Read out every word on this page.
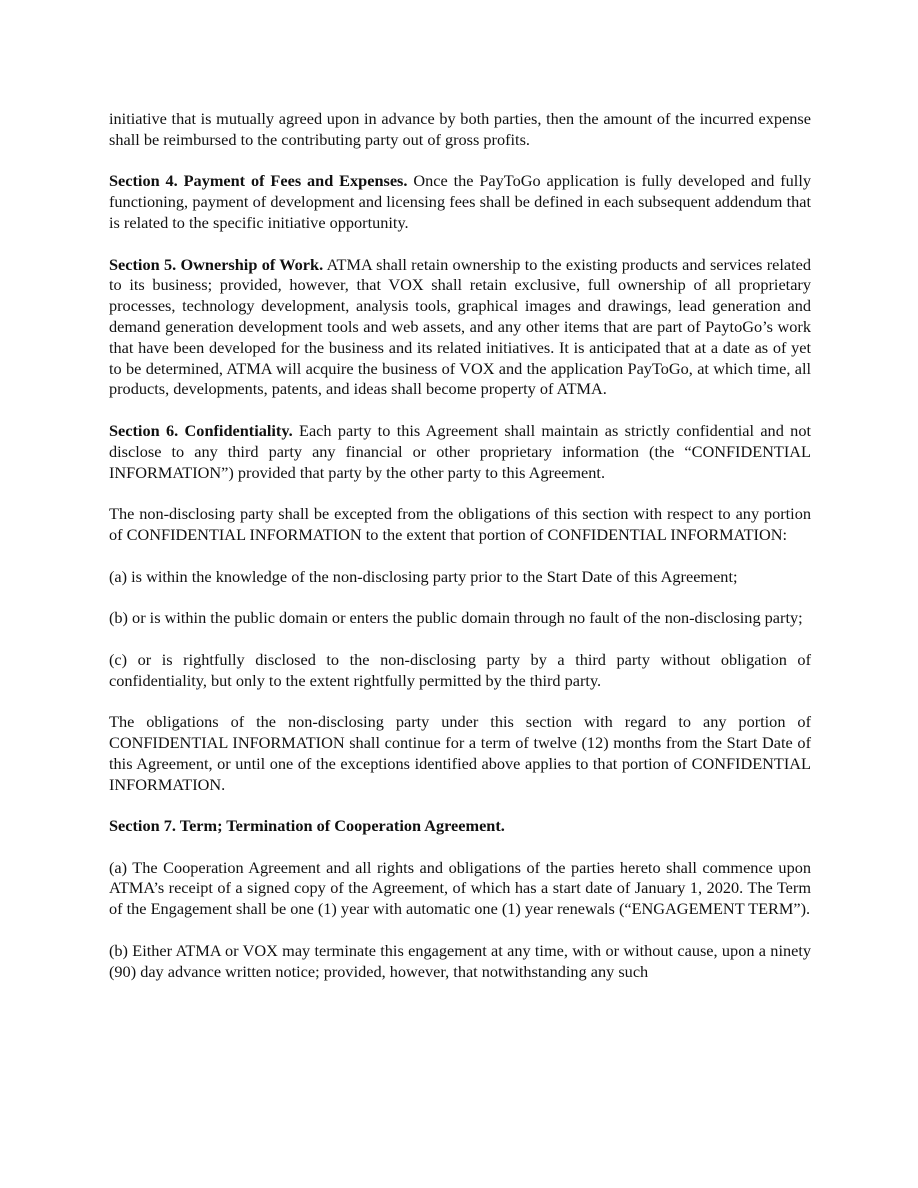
initiative that is mutually agreed upon in advance by both parties, then the amount of the incurred expense shall be reimbursed to the contributing party out of gross profits.

Section 4. Payment of Fees and Expenses. Once the PayToGo application is fully developed and fully functioning, payment of development and licensing fees shall be defined in each subsequent addendum that is related to the specific initiative opportunity.

Section 5. Ownership of Work. ATMA shall retain ownership to the existing products and services related to its business; provided, however, that VOX shall retain exclusive, full ownership of all proprietary processes, technology development, analysis tools, graphical images and drawings, lead generation and demand generation development tools and web assets, and any other items that are part of PaytoGo’s work that have been developed for the business and its related initiatives. It is anticipated that at a date as of yet to be determined, ATMA will acquire the business of VOX and the application PayToGo, at which time, all products, developments, patents, and ideas shall become property of ATMA.

Section 6. Confidentiality. Each party to this Agreement shall maintain as strictly confidential and not disclose to any third party any financial or other proprietary information (the “CONFIDENTIAL INFORMATION”) provided that party by the other party to this Agreement.

The non-disclosing party shall be excepted from the obligations of this section with respect to any portion of CONFIDENTIAL INFORMATION to the extent that portion of CONFIDENTIAL INFORMATION:

(a) is within the knowledge of the non-disclosing party prior to the Start Date of this Agreement;

(b) or is within the public domain or enters the public domain through no fault of the non-disclosing party;

(c) or is rightfully disclosed to the non-disclosing party by a third party without obligation of confidentiality, but only to the extent rightfully permitted by the third party.

The obligations of the non-disclosing party under this section with regard to any portion of CONFIDENTIAL INFORMATION shall continue for a term of twelve (12) months from the Start Date of this Agreement, or until one of the exceptions identified above applies to that portion of CONFIDENTIAL INFORMATION.

Section 7. Term; Termination of Cooperation Agreement.

(a) The Cooperation Agreement and all rights and obligations of the parties hereto shall commence upon ATMA’s receipt of a signed copy of the Agreement, of which has a start date of January 1, 2020. The Term of the Engagement shall be one (1) year with automatic one (1) year renewals (“ENGAGEMENT TERM”).

(b) Either ATMA or VOX may terminate this engagement at any time, with or without cause, upon a ninety (90) day advance written notice; provided, however, that notwithstanding any such
